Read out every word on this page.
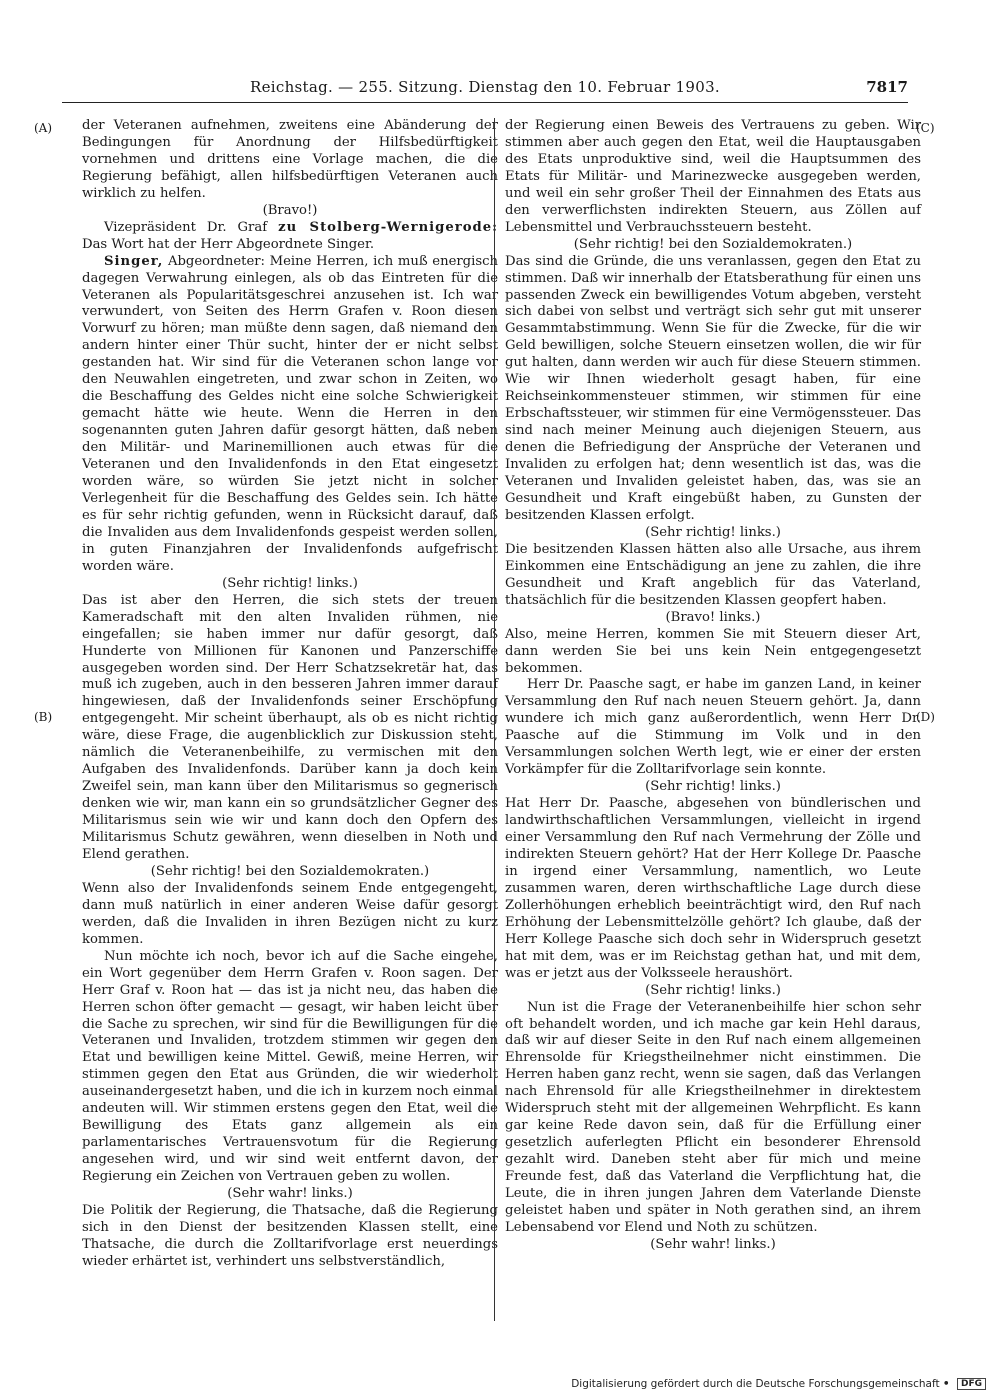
Reichstag. — 255. Sitzung. Dienstag den 10. Februar 1903.	7817
(A)
(B)
(C)
(D)

der Veteranen aufnehmen, zweitens eine Abänderung der Bedingungen für Anordnung der Hilfsbedürftigkeit vornehmen und drittens eine Vorlage machen, die die Regierung befähigt, allen hilfsbedürftigen Veteranen auch wirklich zu helfen.

(Bravo!)

Vizepräsident Dr. Graf zu Stolberg-Wernigerode: Das Wort hat der Herr Abgeordnete Singer.

Singer, Abgeordneter: Meine Herren, ich muß energisch dagegen Verwahrung einlegen, als ob das Eintreten für die Veteranen als Popularitätsgeschrei anzusehen ist. Ich war verwundert, von Seiten des Herrn Grafen v. Roon diesen Vorwurf zu hören; man müßte denn sagen, daß niemand den andern hinter einer Thür sucht, hinter der er nicht selbst gestanden hat. Wir sind für die Veteranen schon lange vor den Neuwahlen eingetreten, und zwar schon in Zeiten, wo die Beschaffung des Geldes nicht eine solche Schwierigkeit gemacht hätte wie heute. Wenn die Herren in den sogenannten guten Jahren dafür gesorgt hätten, daß neben den Militär- und Marinemillionen auch etwas für die Veteranen und den Invalidenfonds in den Etat eingesetzt worden wäre, so würden Sie jetzt nicht in solcher Verlegenheit für die Beschaffung des Geldes sein. Ich hätte es für sehr richtig gefunden, wenn in Rücksicht darauf, daß die Invaliden aus dem Invalidenfonds gespeist werden sollen, in guten Finanzjahren der Invalidenfonds aufgefrischt worden wäre.

(Sehr richtig! links.)

Das ist aber den Herren, die sich stets der treuen Kameradschaft mit den alten Invaliden rühmen, nie eingefallen; sie haben immer nur dafür gesorgt, daß Hunderte von Millionen für Kanonen und Panzerschiffe ausgegeben worden sind. Der Herr Schatzsekretär hat, das muß ich zugeben, auch in den besseren Jahren immer darauf hingewiesen, daß der Invalidenfonds seiner Erschöpfung entgegengeht. Mir scheint überhaupt, als ob es nicht richtig wäre, diese Frage, die augenblicklich zur Diskussion steht, nämlich die Veteranenbeihilfe, zu vermischen mit den Aufgaben des Invalidenfonds. Darüber kann ja doch kein Zweifel sein, man kann über den Militarismus so gegnerisch denken wie wir, man kann ein so grundsätzlicher Gegner des Militarismus sein wie wir und kann doch den Opfern des Militarismus Schutz gewähren, wenn dieselben in Noth und Elend gerathen.

(Sehr richtig! bei den Sozialdemokraten.)

Wenn also der Invalidenfonds seinem Ende entgegengeht, dann muß natürlich in einer anderen Weise dafür gesorgt werden, daß die Invaliden in ihren Bezügen nicht zu kurz kommen.

Nun möchte ich noch, bevor ich auf die Sache eingehe, ein Wort gegenüber dem Herrn Grafen v. Roon sagen. Der Herr Graf v. Roon hat — das ist ja nicht neu, das haben die Herren schon öfter gemacht — gesagt, wir haben leicht über die Sache zu sprechen, wir sind für die Bewilligungen für die Veteranen und Invaliden, trotzdem stimmen wir gegen den Etat und bewilligen keine Mittel. Gewiß, meine Herren, wir stimmen gegen den Etat aus Gründen, die wir wiederholt auseinandergesetzt haben, und die ich in kurzem noch einmal andeuten will. Wir stimmen erstens gegen den Etat, weil die Bewilligung des Etats ganz allgemein als ein parlamentarisches Vertrauensvotum für die Regierung angesehen wird, und wir sind weit entfernt davon, der Regierung ein Zeichen von Vertrauen geben zu wollen.

(Sehr wahr! links.)

Die Politik der Regierung, die Thatsache, daß die Regierung sich in den Dienst der besitzenden Klassen stellt, eine Thatsache, die durch die Zolltarifvorlage erst neuerdings wieder erhärtet ist, verhindert uns selbstverständlich,

der Regierung einen Beweis des Vertrauens zu geben. Wir stimmen aber auch gegen den Etat, weil die Hauptausgaben des Etats unproduktive sind, weil die Hauptsummen des Etats für Militär- und Marinezwecke ausgegeben werden, und weil ein sehr großer Theil der Einnahmen des Etats aus den verwerflichsten indirekten Steuern, aus Zöllen auf Lebensmittel und Verbrauchssteuern besteht.

(Sehr richtig! bei den Sozialdemokraten.)

Das sind die Gründe, die uns veranlassen, gegen den Etat zu stimmen. Daß wir innerhalb der Etatsberathung für einen uns passenden Zweck ein bewilligendes Votum abgeben, versteht sich dabei von selbst und verträgt sich sehr gut mit unserer Gesammtabstimmung. Wenn Sie für die Zwecke, für die wir Geld bewilligen, solche Steuern einsetzen wollen, die wir für gut halten, dann werden wir auch für diese Steuern stimmen. Wie wir Ihnen wiederholt gesagt haben, für eine Reichseinkommensteuer stimmen, wir stimmen für eine Erbschaftssteuer, wir stimmen für eine Vermögenssteuer. Das sind nach meiner Meinung auch diejenigen Steuern, aus denen die Befriedigung der Ansprüche der Veteranen und Invaliden zu erfolgen hat; denn wesentlich ist das, was die Veteranen und Invaliden geleistet haben, das, was sie an Gesundheit und Kraft eingebüßt haben, zu Gunsten der besitzenden Klassen erfolgt.

(Sehr richtig! links.)

Die besitzenden Klassen hätten also alle Ursache, aus ihrem Einkommen eine Entschädigung an jene zu zahlen, die ihre Gesundheit und Kraft angeblich für das Vaterland, thatsächlich für die besitzenden Klassen geopfert haben.

(Bravo! links.)

Also, meine Herren, kommen Sie mit Steuern dieser Art, dann werden Sie bei uns kein Nein entgegengesetzt bekommen.

Herr Dr. Paasche sagt, er habe im ganzen Land, in keiner Versammlung den Ruf nach neuen Steuern gehört. Ja, dann wundere ich mich ganz außerordentlich, wenn Herr Dr. Paasche auf die Stimmung im Volk und in den Versammlungen solchen Werth legt, wie er einer der ersten Vorkämpfer für die Zolltarifvorlage sein konnte.

(Sehr richtig! links.)

Hat Herr Dr. Paasche, abgesehen von bündlerischen und landwirthschaftlichen Versammlungen, vielleicht in irgend einer Versammlung den Ruf nach Vermehrung der Zölle und indirekten Steuern gehört? Hat der Herr Kollege Dr. Paasche in irgend einer Versammlung, namentlich, wo Leute zusammen waren, deren wirthschaftliche Lage durch diese Zollerhöhungen erheblich beeinträchtigt wird, den Ruf nach Erhöhung der Lebensmittelzölle gehört? Ich glaube, daß der Herr Kollege Paasche sich doch sehr in Widerspruch gesetzt hat mit dem, was er im Reichstag gethan hat, und mit dem, was er jetzt aus der Volksseele heraushört.

(Sehr richtig! links.)

Nun ist die Frage der Veteranenbeihilfe hier schon sehr oft behandelt worden, und ich mache gar kein Hehl daraus, daß wir auf dieser Seite in den Ruf nach einem allgemeinen Ehrensolde für Kriegstheilnehmer nicht einstimmen. Die Herren haben ganz recht, wenn sie sagen, daß das Verlangen nach Ehrensold für alle Kriegstheilnehmer in direktestem Widerspruch steht mit der allgemeinen Wehrpflicht. Es kann gar keine Rede davon sein, daß für die Erfüllung einer gesetzlich auferlegten Pflicht ein besonderer Ehrensold gezahlt wird. Daneben steht aber für mich und meine Freunde fest, daß das Vaterland die Verpflichtung hat, die Leute, die in ihren jungen Jahren dem Vaterlande Dienste geleistet haben und später in Noth gerathen sind, an ihrem Lebensabend vor Elend und Noth zu schützen.

(Sehr wahr! links.)

Digitalisierung gefördert durch die Deutsche Forschungsgemeinschaft • DFG
